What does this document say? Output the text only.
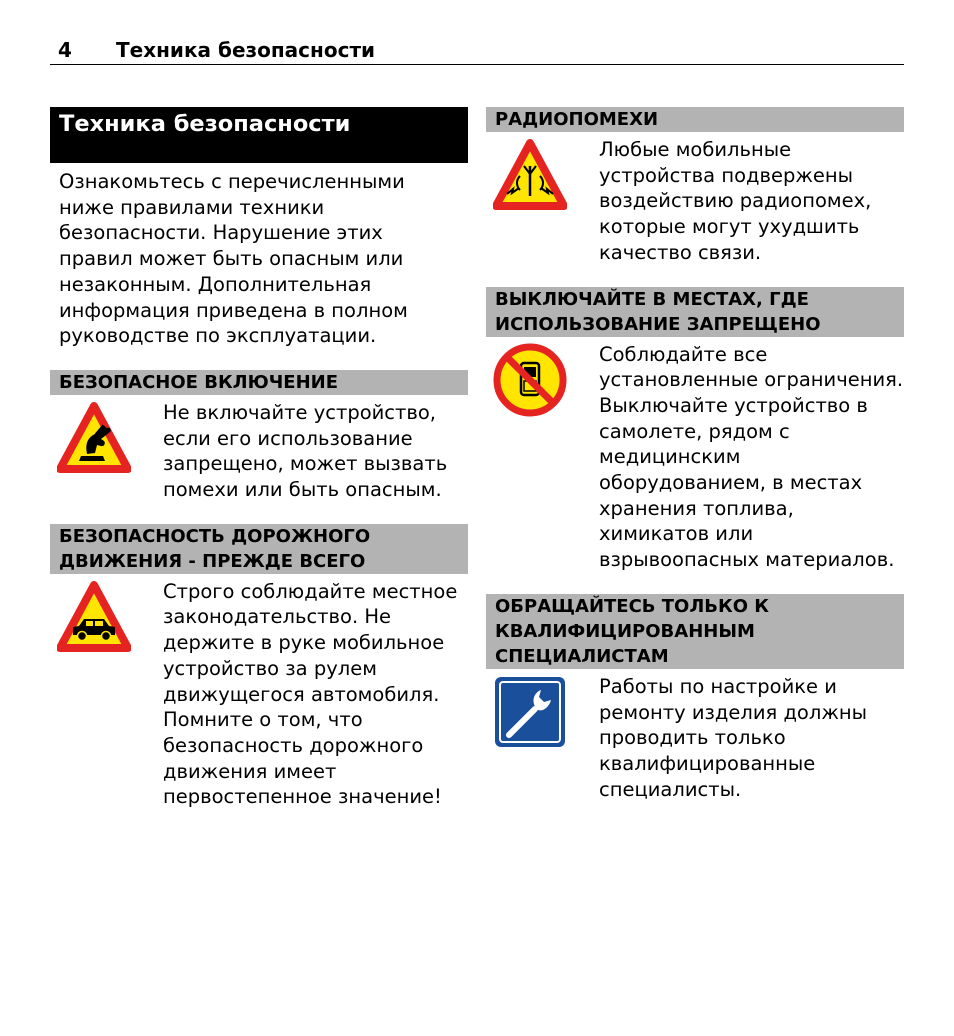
4 Техника безопасности
Техника безопасности
Ознакомьтесь с перечисленными ниже правилами техники безопасности. Нарушение этих правил может быть опасным или незаконным. Дополнительная информация приведена в полном руководстве по эксплуатации.
БЕЗОПАСНОЕ ВКЛЮЧЕНИЕ
Не включайте устройство, если его использование запрещено, может вызвать помехи или быть опасным.
БЕЗОПАСНОСТЬ ДОРОЖНОГО ДВИЖЕНИЯ - ПРЕЖДЕ ВСЕГО
Строго соблюдайте местное законодательство. Не держите в руке мобильное устройство за рулем движущегося автомобиля. Помните о том, что безопасность дорожного движения имеет первостепенное значение!
РАДИОПОМЕХИ
Любые мобильные устройства подвержены воздействию радиопомех, которые могут ухудшить качество связи.
ВЫКЛЮЧАЙТЕ В МЕСТАХ, ГДЕ ИСПОЛЬЗОВАНИЕ ЗАПРЕЩЕНО
Соблюдайте все установленные ограничения. Выключайте устройство в самолете, рядом с медицинским оборудованием, в местах хранения топлива, химикатов или взрывоопасных материалов.
ОБРАЩАЙТЕСЬ ТОЛЬКО К КВАЛИФИЦИРОВАННЫМ СПЕЦИАЛИСТАМ
Работы по настройке и ремонту изделия должны проводить только квалифицированные специалисты.
